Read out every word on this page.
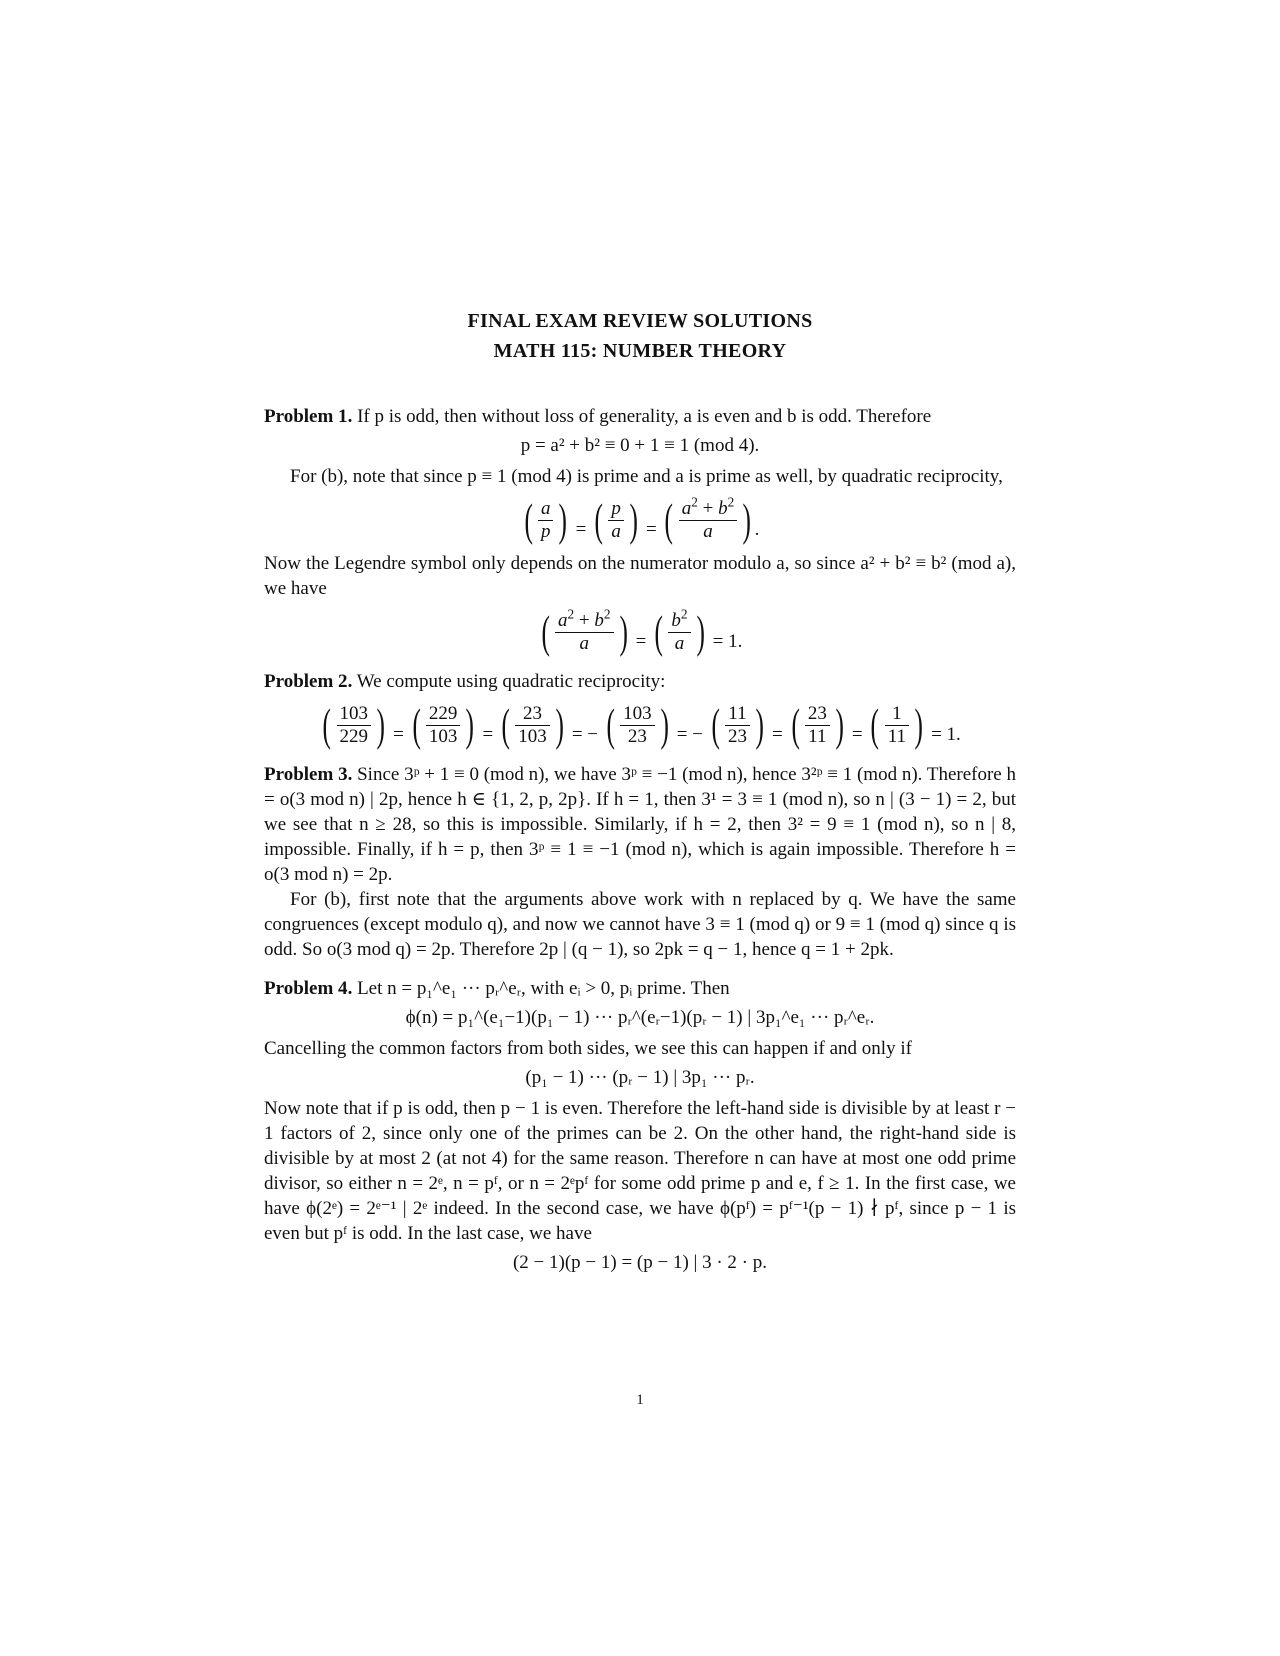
FINAL EXAM REVIEW SOLUTIONS
MATH 115: NUMBER THEORY

Problem 1. If p is odd, then without loss of generality, a is even and b is odd. Therefore

p = a² + b² ≡ 0 + 1 ≡ 1 (mod 4).

For (b), note that since p ≡ 1 (mod 4) is prime and a is prime as well, by quadratic reciprocity,

( $\frac{a}{p}$ ) = ( $\frac{p}{a}$ ) = ( $\frac{a^2 + b^2}{a}$ ) .

Now the Legendre symbol only depends on the numerator modulo a, so since a² + b² ≡ b² (mod a), we have

( $\frac{a^2 + b^2}{a}$ ) = ( $\frac{b^2}{a}$ ) = 1.

Problem 2. We compute using quadratic reciprocity:

( $\frac{103}{229}$ ) = ( $\frac{229}{103}$ ) = ( $\frac{23}{103}$ ) = − ( $\frac{103}{23}$ ) = − ( $\frac{11}{23}$ ) = ( $\frac{23}{11}$ ) = ( $\frac{1}{11}$ ) = 1.

Problem 3. Since 3ᵖ + 1 ≡ 0 (mod n), we have 3ᵖ ≡ −1 (mod n), hence 3²ᵖ ≡ 1 (mod n). Therefore h = o(3 mod n) | 2p, hence h ∈ {1, 2, p, 2p}. If h = 1, then 3¹ = 3 ≡ 1 (mod n), so n | (3 − 1) = 2, but we see that n ≥ 28, so this is impossible. Similarly, if h = 2, then 3² = 9 ≡ 1 (mod n), so n | 8, impossible. Finally, if h = p, then 3ᵖ ≡ 1 ≡ −1 (mod n), which is again impossible. Therefore h = o(3 mod n) = 2p.

For (b), first note that the arguments above work with n replaced by q. We have the same congruences (except modulo q), and now we cannot have 3 ≡ 1 (mod q) or 9 ≡ 1 (mod q) since q is odd. So o(3 mod q) = 2p. Therefore 2p | (q − 1), so 2pk = q − 1, hence q = 1 + 2pk.

Problem 4. Let n = p₁^e₁ ··· pᵣ^eᵣ, with eᵢ > 0, pᵢ prime. Then

ϕ(n) = p₁^(e₁−1)(p₁ − 1) ··· pᵣ^(eᵣ−1)(pᵣ − 1) | 3p₁^e₁ ··· pᵣ^eᵣ.

Cancelling the common factors from both sides, we see this can happen if and only if

(p₁ − 1) ··· (pᵣ − 1) | 3p₁ ··· pᵣ.

Now note that if p is odd, then p − 1 is even. Therefore the left-hand side is divisible by at least r − 1 factors of 2, since only one of the primes can be 2. On the other hand, the right-hand side is divisible by at most 2 (at not 4) for the same reason. Therefore n can have at most one odd prime divisor, so either n = 2ᵉ, n = pᶠ, or n = 2ᵉpᶠ for some odd prime p and e, f ≥ 1. In the first case, we have ϕ(2ᵉ) = 2ᵉ⁻¹ | 2ᵉ indeed. In the second case, we have ϕ(pᶠ) = pᶠ⁻¹(p − 1) ∤ pᶠ, since p − 1 is even but pᶠ is odd. In the last case, we have

(2 − 1)(p − 1) = (p − 1) | 3 · 2 · p.
1
